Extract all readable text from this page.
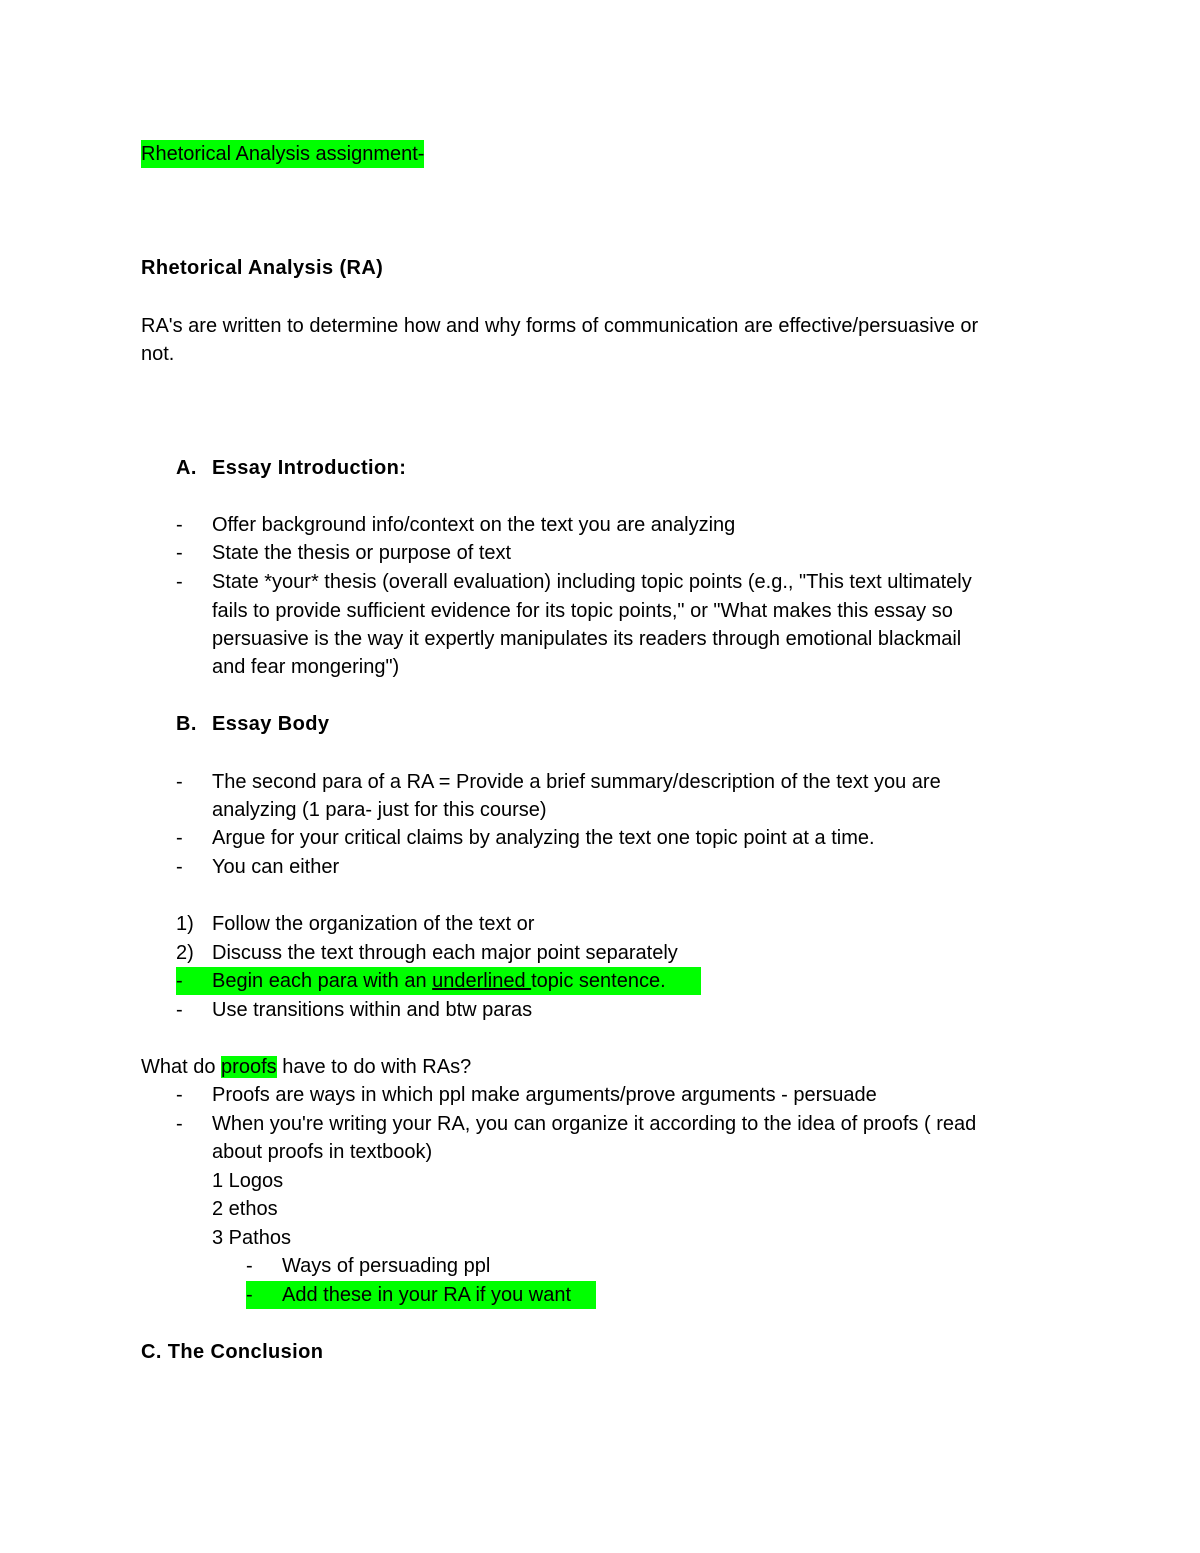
Rhetorical Analysis assignment-
Rhetorical Analysis (RA)
RA's are written to determine how and why forms of communication are effective/persuasive or
not.
A. Essay Introduction:
- Offer background info/context on the text you are analyzing
- State the thesis or purpose of text
- State *your* thesis (overall evaluation) including topic points (e.g., "This text ultimately
fails to provide sufficient evidence for its topic points," or "What makes this essay so
persuasive is the way it expertly manipulates its readers through emotional blackmail
and fear mongering")
B. Essay Body
- The second para of a RA = Provide a brief summary/description of the text you are
analyzing (1 para- just for this course)
- Argue for your critical claims by analyzing the text one topic point at a time.
- You can either
1) Follow the organization of the text or
2) Discuss the text through each major point separately
- Begin each para with an underlined topic sentence.
- Use transitions within and btw paras
What do proofs have to do with RAs?
- Proofs are ways in which ppl make arguments/prove arguments - persuade
- When you're writing your RA, you can organize it according to the idea of proofs ( read
about proofs in textbook)
1 Logos
2 ethos
3 Pathos
- Ways of persuading ppl
- Add these in your RA if you want
C. The Conclusion
